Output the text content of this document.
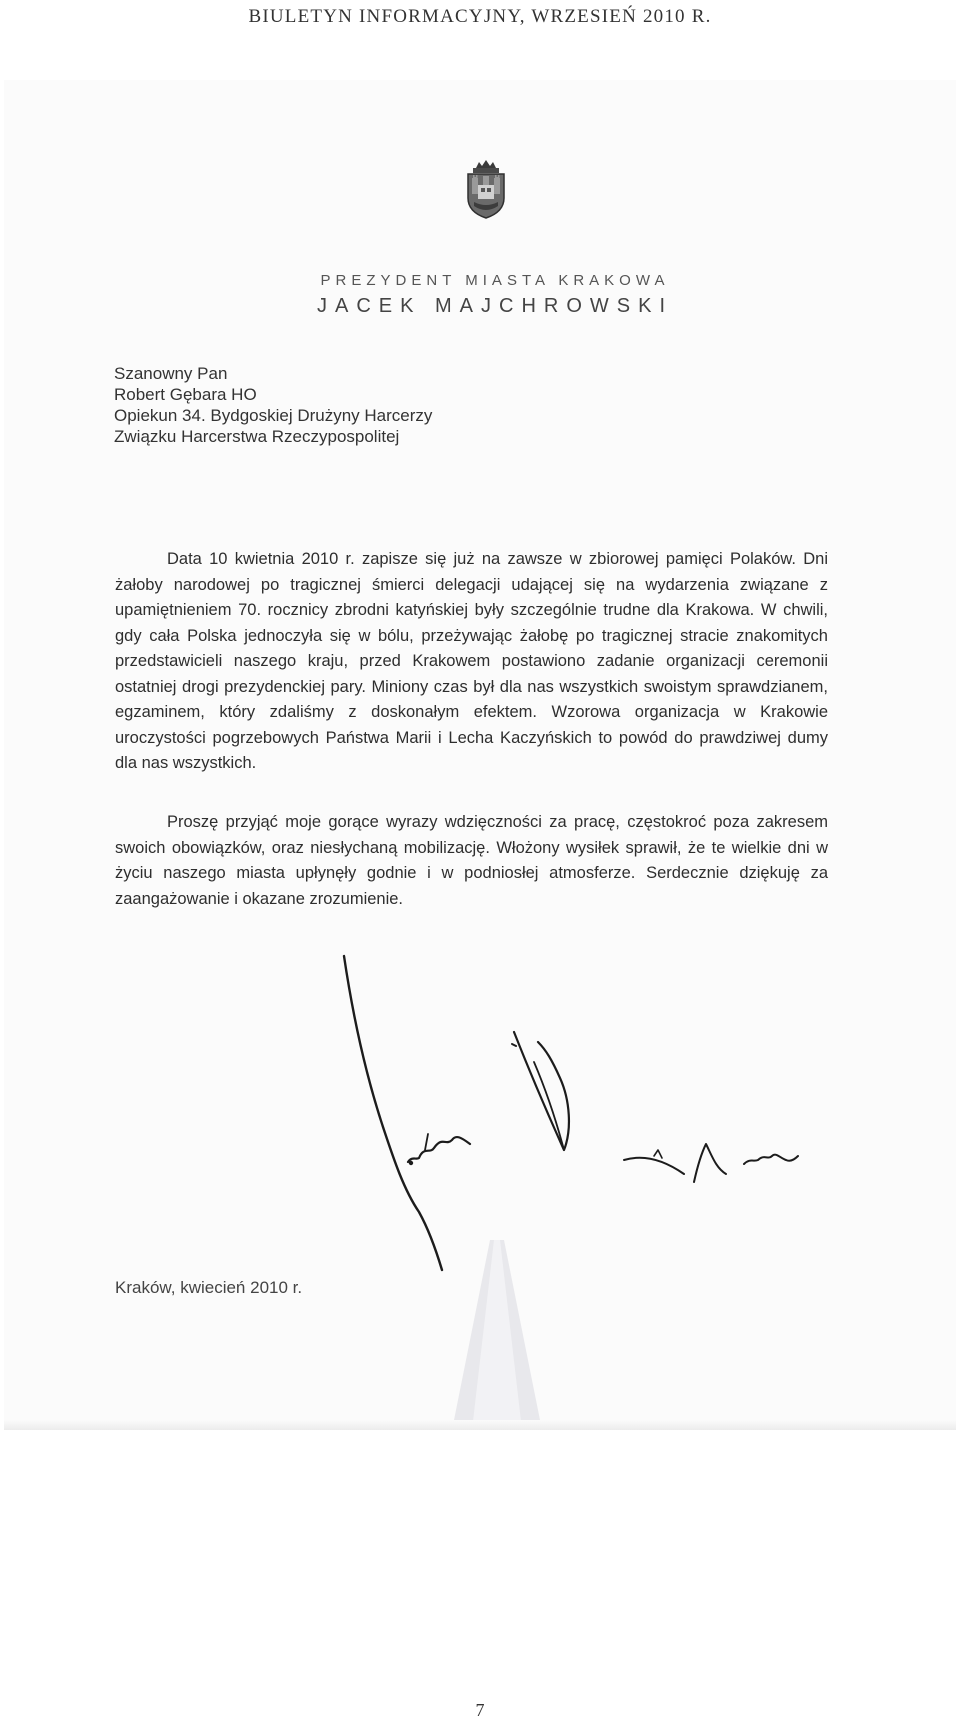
BIULETYN INFORMACYJNY, WRZESIEŃ 2010 R.
PREZYDENT MIASTA KRAKOWA
JACEK MAJCHROWSKI
Szanowny Pan
Robert Gębara HO
Opiekun 34. Bydgoskiej Drużyny Harcerzy
Związku Harcerstwa Rzeczypospolitej
Data 10 kwietnia 2010 r. zapisze się już na zawsze w zbiorowej pamięci Polaków. Dni żałoby narodowej po tragicznej śmierci delegacji udającej się na wydarzenia związane z upamiętnieniem 70. rocznicy zbrodni katyńskiej były szczególnie trudne dla Krakowa. W chwili, gdy cała Polska jednoczyła się w bólu, przeżywając żałobę po tragicznej stracie znakomitych przedstawicieli naszego kraju, przed Krakowem postawiono zadanie organizacji ceremonii ostatniej drogi prezydenckiej pary. Miniony czas był dla nas wszystkich swoistym sprawdzianem, egzaminem, który zdaliśmy z doskonałym efektem. Wzorowa organizacja w Krakowie uroczystości pogrzebowych Państwa Marii i Lecha Kaczyńskich to powód do prawdziwej dumy dla nas wszystkich.
Proszę przyjąć moje gorące wyrazy wdzięczności za pracę, częstokroć poza zakresem swoich obowiązków, oraz niesłychaną mobilizację. Włożony wysiłek sprawił, że te wielkie dni w życiu naszego miasta upłynęły godnie i w podniosłej atmosferze. Serdecznie dziękuję za zaangażowanie i okazane zrozumienie.
Kraków, kwiecień 2010 r.
7
